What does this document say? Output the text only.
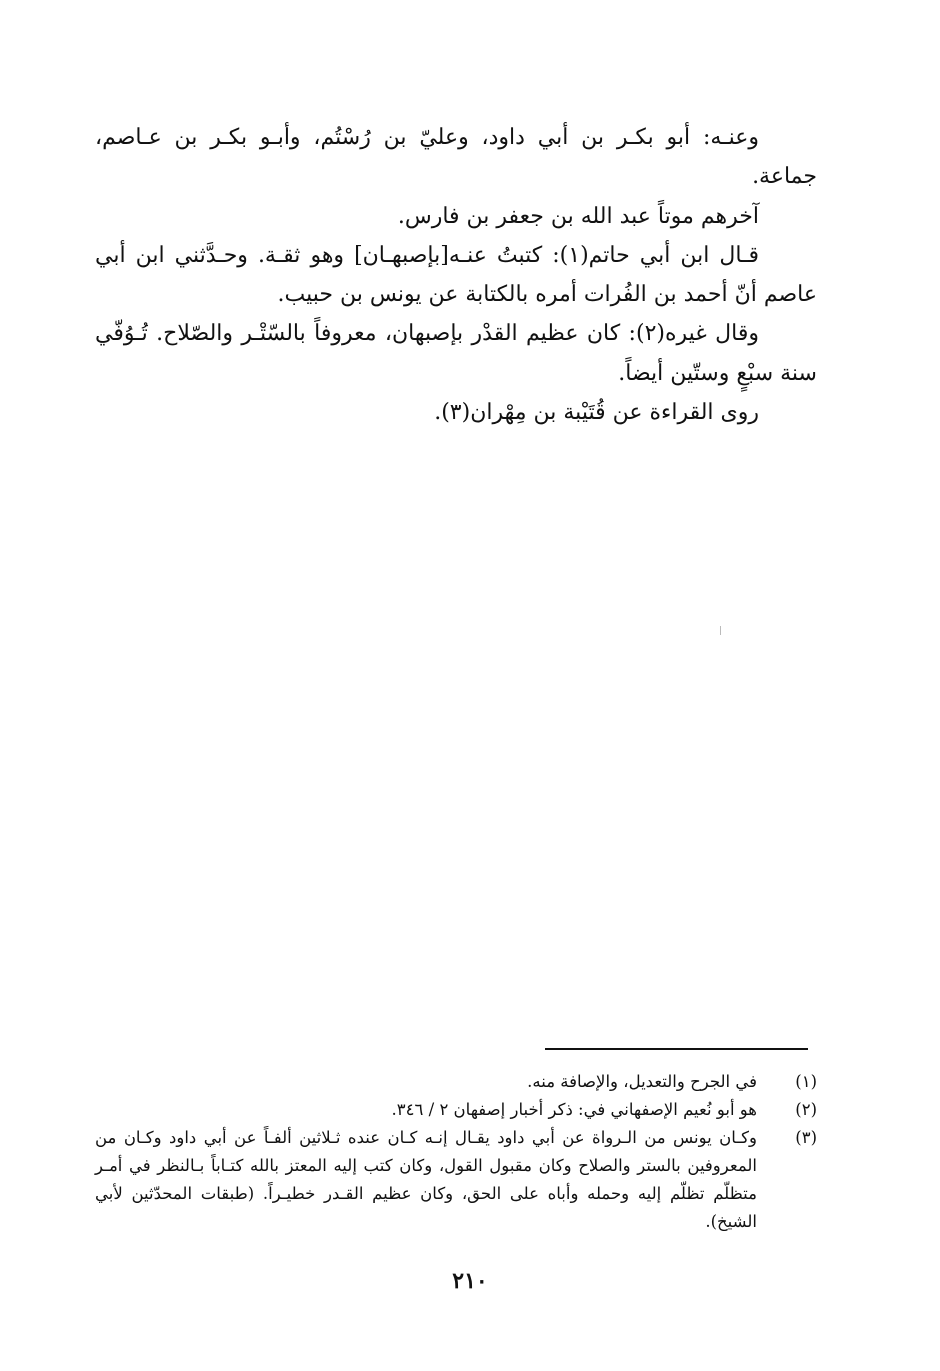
وعنـه: أبو بكـر بن أبي داود، وعليّ بن رُسْتُم، وأبـو بكـر بن عـاصم، جماعة.

آخرهم موتاً عبد الله بن جعفر بن فارس.

قـال ابن أبي حاتم(١): كتبتُ عنـه[بإصبهـان] وهو ثقـة. وحـدَّثني ابن أبي عاصم أنّ أحمد بن الفُرات أمره بالكتابة عن يونس بن حبيب.

وقال غيره(٢): كان عظيم القدْر بإصبهان، معروفاً بالسّتْـر والصّلاح. تُـوُفّي سنة سبْعٍ وستّين أيضاً.

روى القراءة عن قُتَيْبة بن مِهْران(٣).

(١)
في الجرح والتعديل، والإصافة منه.
(٢)
هو أبو نُعيم الإصفهاني في: ذكر أخبار إصفهان ٢ / ٣٤٦.
(٣)
وكـان يونس من الـرواة عن أبي داود يقـال إنـه كـان عنده ثـلاثين ألفـاً عن أبي داود وكـان من المعروفين بالستر والصلاح وكان مقبول القول، وكان كتب إليه المعتز بالله كتـاباً بـالنظر في أمـر متظلّم تظلّم إليه وحمله وأباه على الحق، وكان عظيم القـدر خطيـراً. (طبقات المحدّثين لأبي الشيخ).
٢١٠
